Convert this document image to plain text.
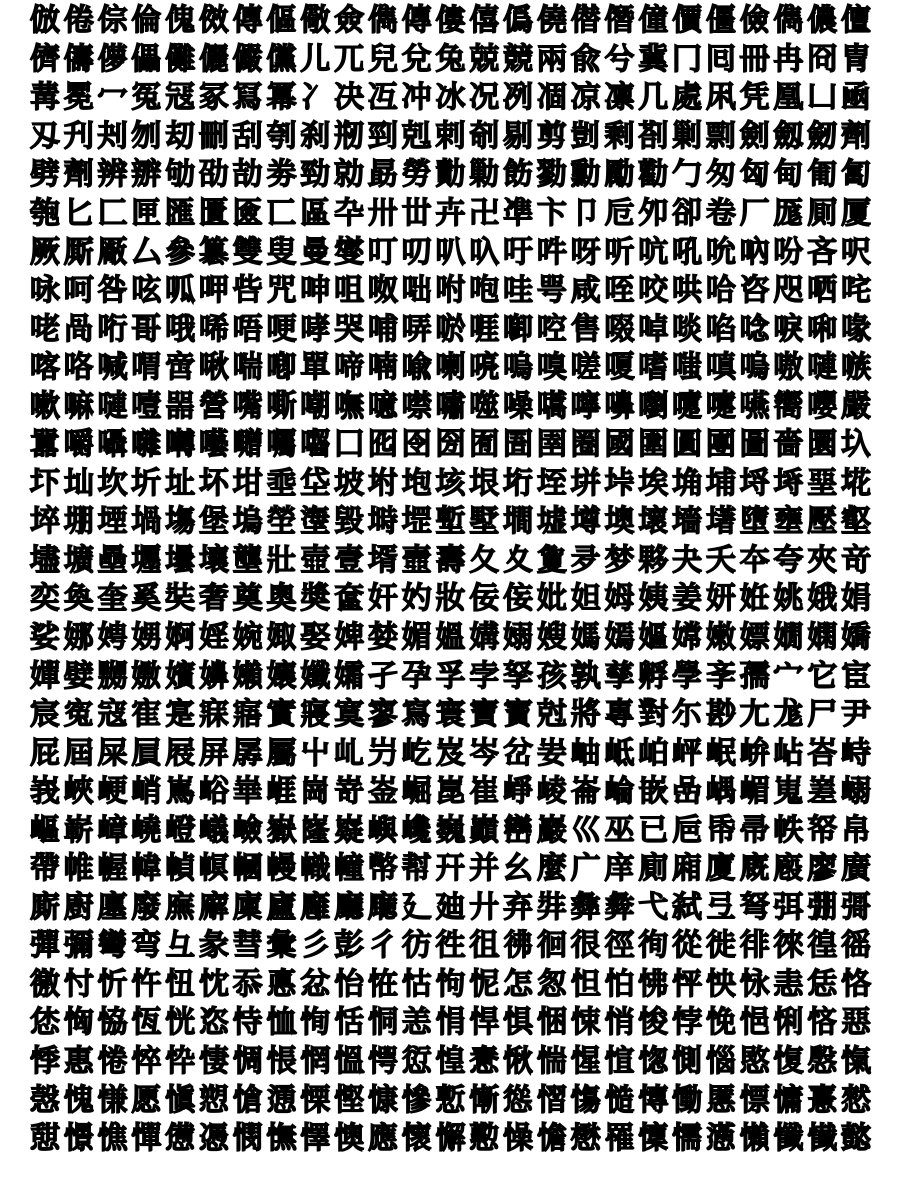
倣 倦 倧 倫 傀 傚 傳 傴 儆 僉 儁 傳 僂 僖 僞 僥 僣 僭 僮 價 僵 儉 儁 儂 儃
儕 儔 儚 儡 儺 儷 儼 儻 儿 兀 兒 兌 兔 兢 競 兩 兪 兮 冀 冂 囘 冊 冉 冏 冑
冓 冕 冖 冤 冦 冢 冩 冪 冫 决 冱 冲 冰 况 冽 凅 凉 凛 几 處 凩 凭 凰 凵 凾
刄 刋 刔 刎 刧 刪 刮 刳 刹 剏 剄 剋 剌 剞 剔 剪 剴 剩 剳 剿 剽 劍 劔 劒 劑
劈 劑 辨 辧 劬 劭 劼 劵 勁 勍 勗 勞 勣 勦 飭 勠 勳 勵 勸 勹 匆 匈 甸 匍 匐
匏 匕 匚 匣 匯 匱 匳 匸 區 卆 卅 丗 卉 卍 凖 卞 卩 卮 夘 卻 卷 厂 厖 厠 厦
厥 厮 厰 厶 參 簒 雙 叟 曼 燮 叮 叨 叭 叺 吁 吽 呀 听 吭 吼 吮 吶 吩 吝 呎
咏 呵 咎 呟 呱 呷 呰 咒 呻 咀 呶 咄 咐 咆 哇 咢 咸 咥 咬 哄 哈 咨 咫 哂 咤
咾 咼 哘 哥 哦 唏 唔 哽 哮 哭 哺 哢 唹 啀 啣 啌 售 啜 啅 啖 啗 唸 唳 啝 喙
喀 咯 喊 喟 啻 啾 喘 喞 單 啼 喃 喩 喇 喨 嗚 嗅 嗟 嗄 嗜 嗤 嗔 嗚 嗷 嗹 嗾
嗽 嘛 嗹 噎 噐 營 嘴 嘶 嘲 嘸 噫 噤 嘯 噬 噪 嚆 嚀 嚊 嚠 嚔 嚏 嚥 嚮 嚶 嚴
囂 嚼 囁 囃 囀 囈 囎 囑 囓 囗 囮 囹 圀 囿 圄 圉 圈 國 圍 圓 團 圖 嗇 圜 圦
圷 圸 坎 圻 址 坏 坩 埀 垈 坡 坿 垉 垓 垠 垳 垤 垪 垰 埃 埆 埔 埒 埓 堊 埖
埣 堋 堙 堝 塲 堡 塢 塋 塰 毀 塒 堽 塹 墅 墹 墟 墫 墺 壞 墻 墸 墮 壅 壓 壑
壗 壙 壘 壥 壜 壤 壟 壯 壺 壹 壻 壼 壽 夂 夊 夐 夛 梦 夥 夬 夭 夲 夸 夾 竒
奕 奐 奎 奚 奘 奢 奠 奧 奬 奩 奸 妁 妝 佞 侫 妣 妲 姆 姨 姜 妍 姙 姚 娥 娟
娑 娜 娉 娚 婀 婬 婉 娵 娶 婢 婪 媚 媼 媾 嫋 嫂 媽 嫣 嫗 嫦 嫩 嫖 嫺 嫻 嬌
嬋 嬖 嬲 嫐 嬪 嬶 嬾 孃 孅 孀 孑 孕 孚 孛 孥 孩 孰 孳 孵 學 斈 孺 宀 它 宦
宸 寃 寇 寉 寔 寐 寤 實 寢 寞 寥 寫 寰 寶 寳 尅 將 專 對 尓 尠 尢 尨 尸 尹
屁 屆 屎 屓 屐 屏 孱 屬 屮 乢 屶 屹 岌 岑 岔 妛 岫 岻 岶 岼 岷 峅 岾 峇 峙
峩 峽 峺 峭 嶌 峪 崋 崕 崗 嵜 崟 崛 崑 崔 崢 崚 崙 崘 嵌 嵒 嵎 嵋 嵬 嵳 嵶
嶇 嶄 嶂 嶢 嶝 嶬 嶮 嶽 嶐 嶷 嶼 巉 巍 巓 巒 巖 巛 巫 已 巵 帋 帚 帙 帑 帛
帶 帷 幄 幃 幀 幎 幗 幔 幟 幢 幤 幇 幵 并 幺 麼 广 庠 廁 廂 廈 廐 廏 廖 廣
廝 廚 廛 廢 廡 廨 廩 廬 廱 廳 廰 廴 廸 廾 弃 弉 彝 彜 弋 弑 弖 弩 弭 弸 彁
彈 彌 彎 弯 彑 彖 彗 彙 彡 彭 彳 彷 徃 徂 彿 徊 很 徑 徇 從 徙 徘 徠 徨 徭
徼 忖 忻 忤 忸 忱 忝 悳 忿 怡 恠 怙 怐 怩 怎 怱 怛 怕 怫 怦 怏 怺 恚 恁 恪
恷 恟 恊 恆 恍 恣 恃 恤 恂 恬 恫 恙 悁 悍 惧 悃 悚 悄 悛 悖 悗 悒 悧 悋 惡
悸 惠 惓 悴 忰 悽 惆 悵 惘 慍 愕 愆 惶 惷 愀 惴 惺 愃 愡 惻 惱 愍 愎 慇 愾
愨 愧 慊 愿 愼 愬 愴 慂 慄 慳 慷 慘 慙 慚 慫 慴 慯 慥 慱 慟 慝 慓 慵 憙 憖
憇 憬 憔 憚 憊 憑 憫 憮 懌 懊 應 懷 懈 懃 懆 憺 懋 罹 懍 懦 懣 懶 懺 懴 懿
